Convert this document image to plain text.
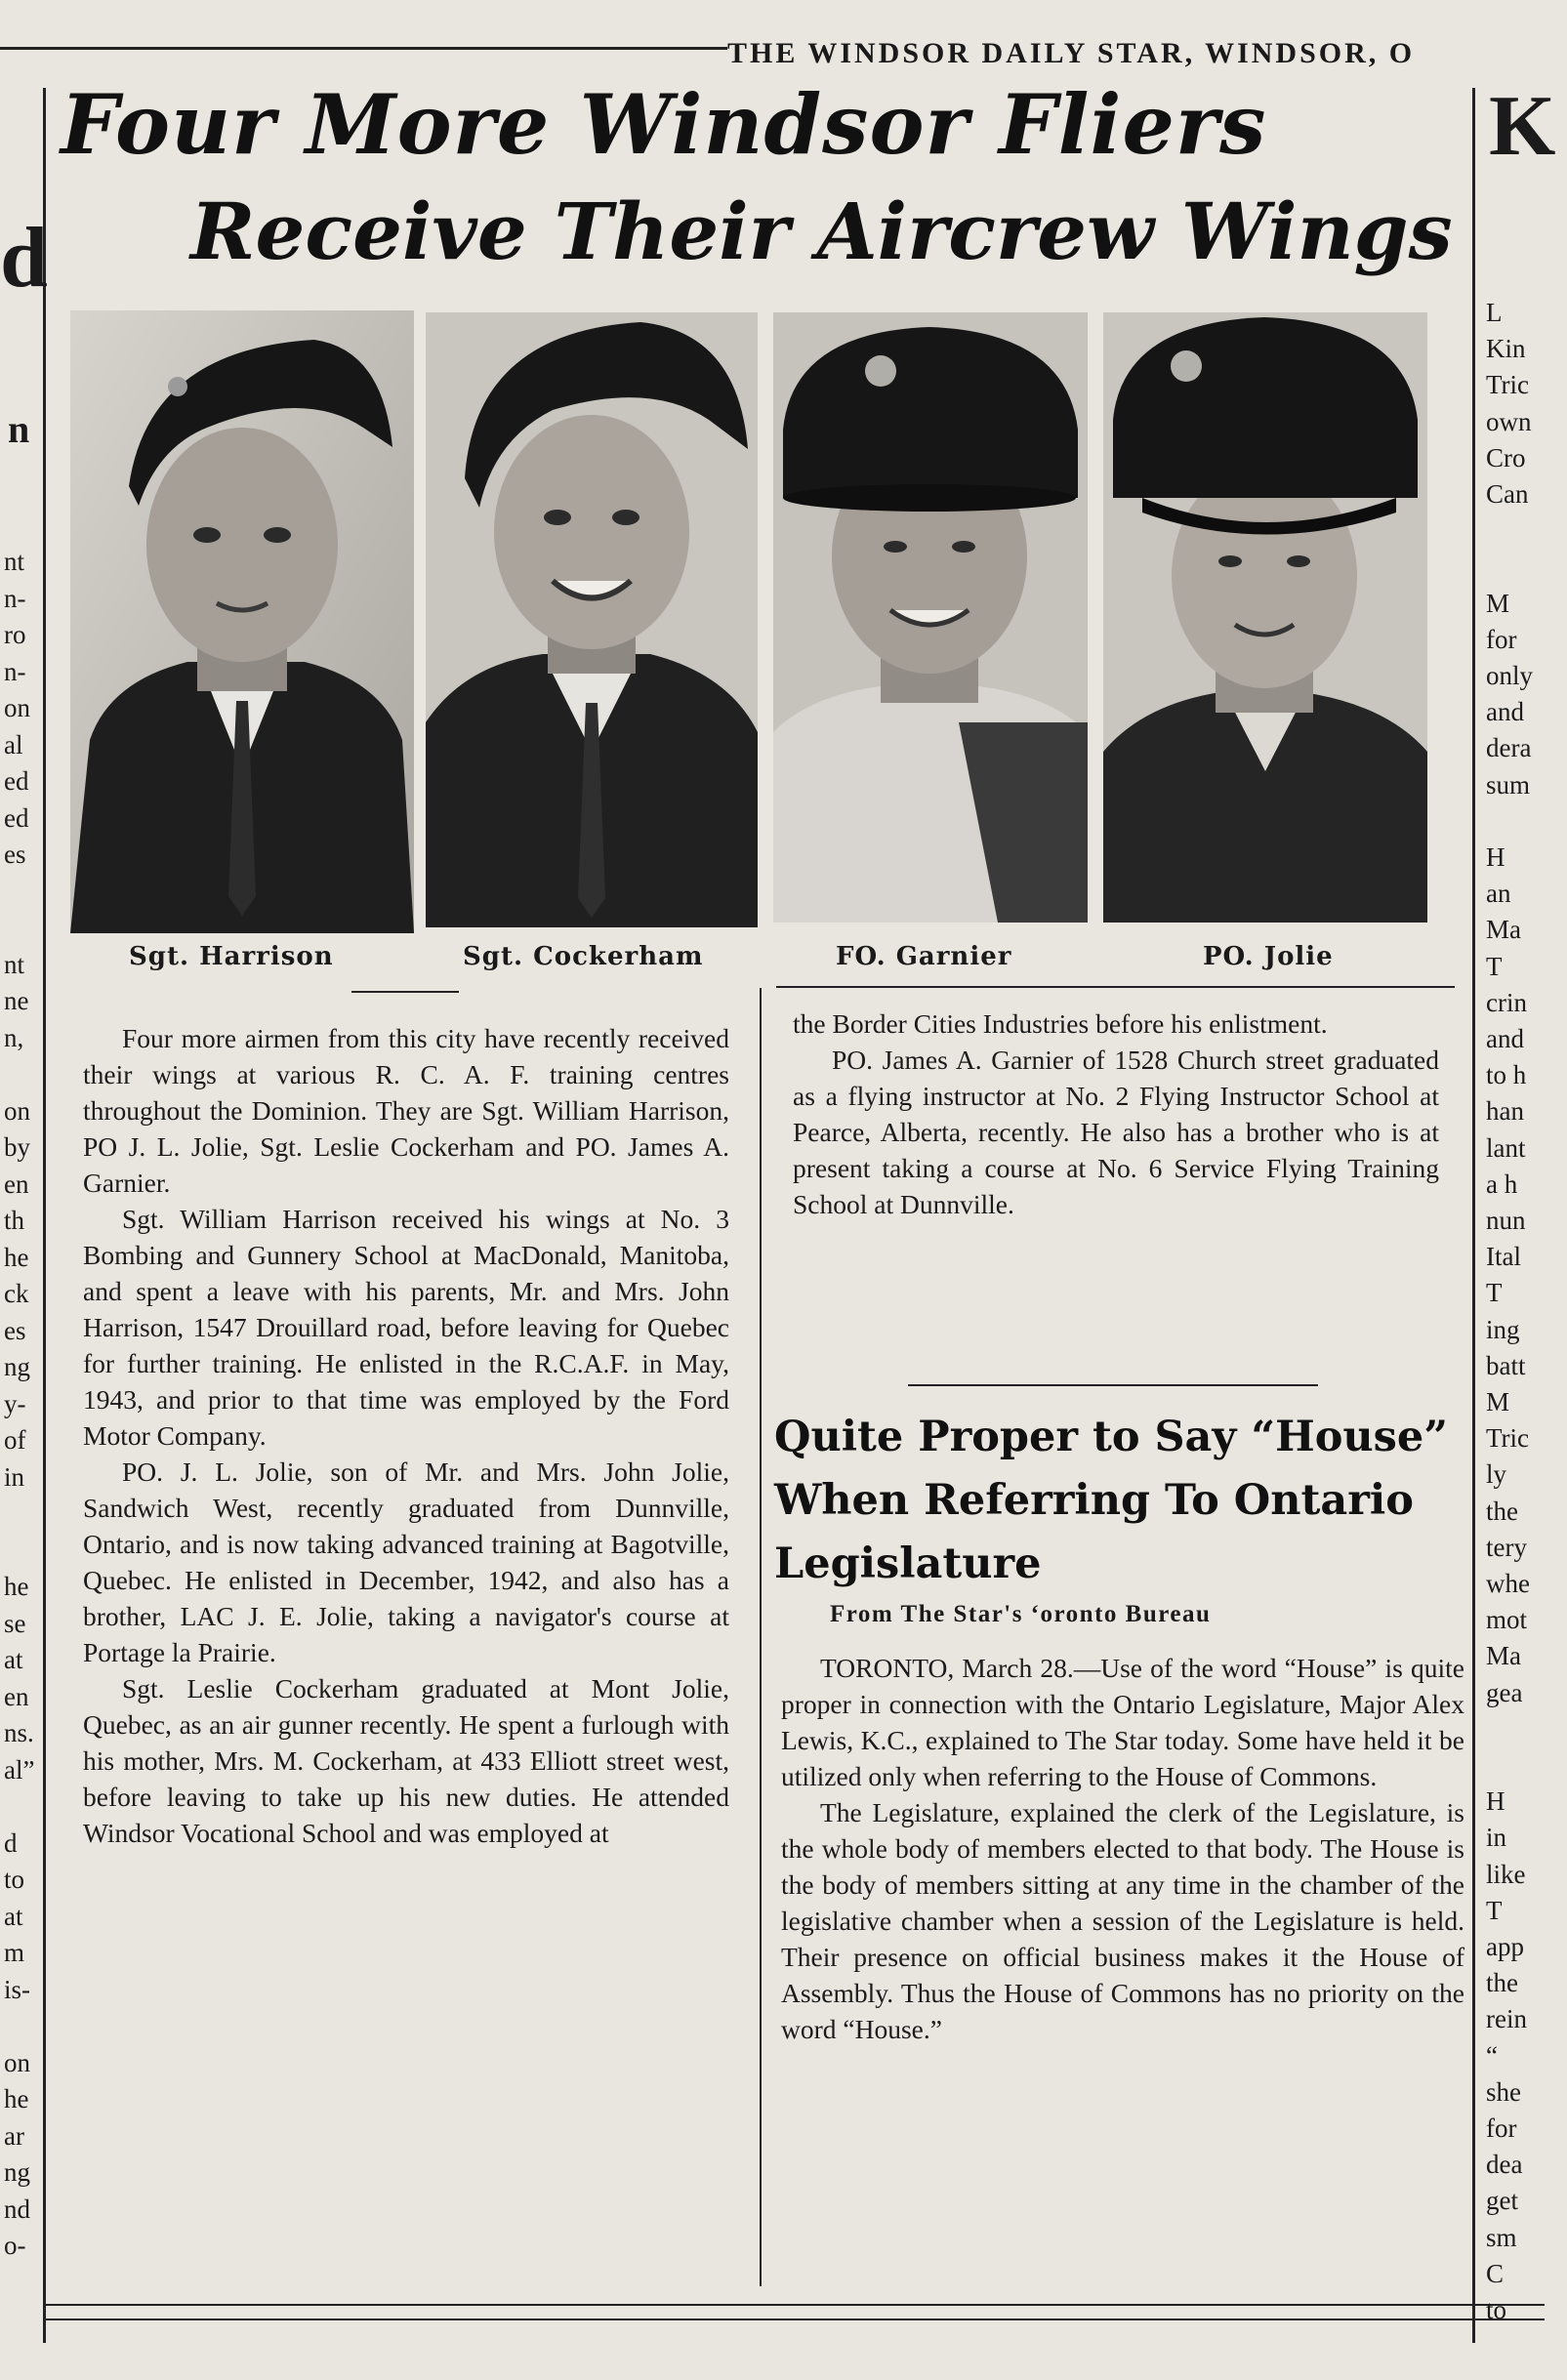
THE WINDSOR DAILY STAR, WINDSOR, O
Four More Windsor Fliers
Receive Their Aircrew Wings
Sgt. Harrison	Sgt. Cockerham	FO. Garnier	PO. Jolie

Four more airmen from this city have recently received their wings at various R. C. A. F. training centres throughout the Dominion. They are Sgt. William Harrison, PO J. L. Jolie, Sgt. Leslie Cockerham and PO. James A. Garnier.

Sgt. William Harrison received his wings at No. 3 Bombing and Gunnery School at MacDonald, Manitoba, and spent a leave with his parents, Mr. and Mrs. John Harrison, 1547 Drouillard road, before leaving for Quebec for further training. He enlisted in the R.C.A.F. in May, 1943, and prior to that time was employed by the Ford Motor Company.

PO. J. L. Jolie, son of Mr. and Mrs. John Jolie, Sandwich West, recently graduated from Dunnville, Ontario, and is now taking advanced training at Bagotville, Quebec. He enlisted in December, 1942, and also has a brother, LAC J. E. Jolie, taking a navigator's course at Portage la Prairie.

Sgt. Leslie Cockerham graduated at Mont Jolie, Quebec, as an air gunner recently. He spent a furlough with his mother, Mrs. M. Cockerham, at 433 Elliott street west, before leaving to take up his new duties. He attended Windsor Vocational School and was employed at

the Border Cities Industries before his enlistment.

PO. James A. Garnier of 1528 Church street graduated as a flying instructor at No. 2 Flying Instructor School at Pearce, Alberta, recently. He also has a brother who is at present taking a course at No. 6 Service Flying Training School at Dunnville.

Quite Proper to Say “House” When Referring To Ontario Legislature
From The Star's ‘oronto Bureau

TORONTO, March 28.—Use of the word “House” is quite proper in connection with the Ontario Legislature, Major Alex Lewis, K.C., explained to The Star today. Some have held it be utilized only when referring to the House of Commons.

The Legislature, explained the clerk of the Legislature, is the whole body of members elected to that body. The House is the body of members sitting at any time in the chamber of the legislative chamber when a session of the Legislature is held. Their presence on official business makes it the House of Assembly. Thus the House of Commons has no priority on the word “House.”

d
n
nt
n-
ro
n-
on
al
ed
ed
es
nt
ne
n,
on
by
en
th
he
ck
es
ng
y-
of
in
he
se
at
en
ns.
al”
d
to
at
m
is-
on
he
ar
ng
nd
o-
K
L
Kin
Tric
own
Cro
Can
M
for
only
and
dera
sum
H
an
Ma
T
crin
and
to h
han
lant
a h
nun
Ital
T
ing
batt
M
Tric
ly
the
tery
whe
mot
Ma
gea
H
in
like
T
app
the
rein
“
she
for
dea
get
sm
C
to
